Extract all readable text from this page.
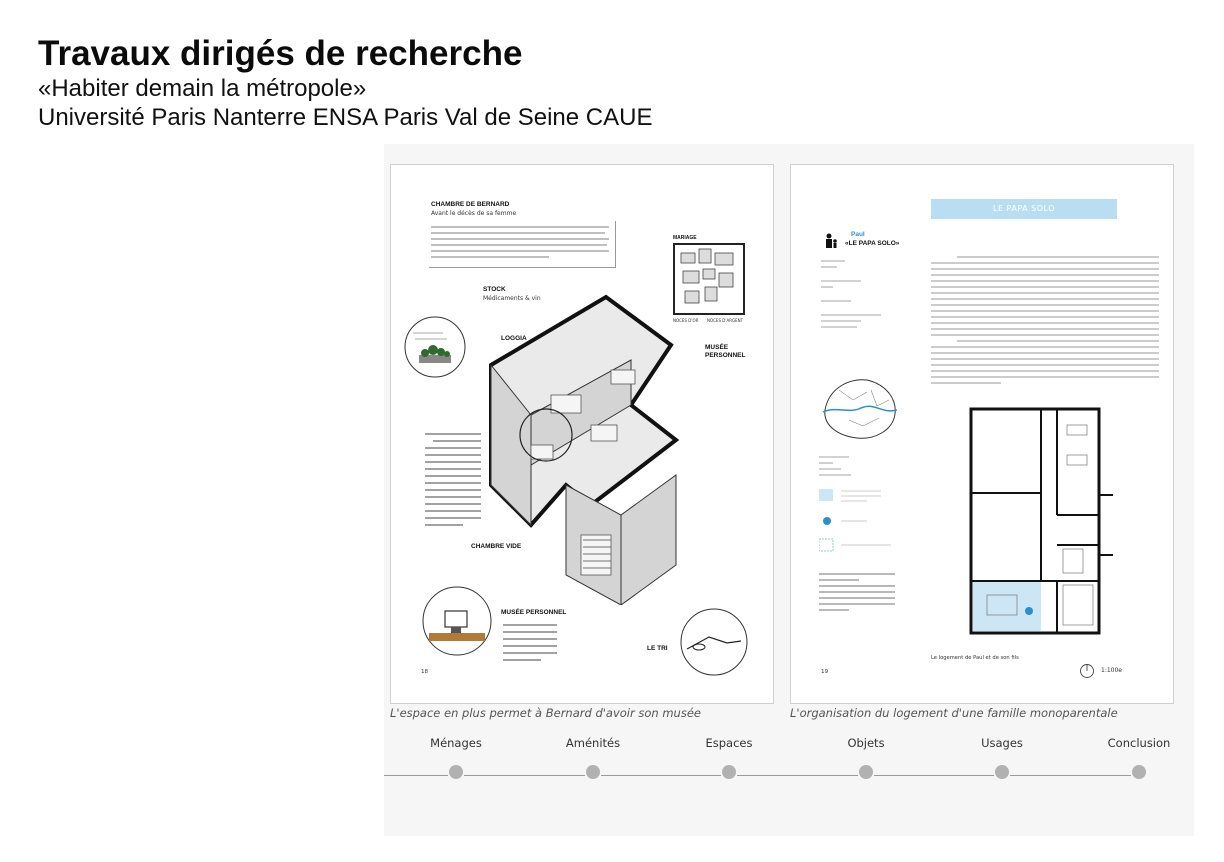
Travaux dirigés de recherche

«Habiter demain la métropole»

Université Paris Nanterre ENSA Paris Val de Seine CAUE

CHAMBRE DE BERNARD
Avant le décès de sa femme
STOCK
Médicaments & vin
LOGGIA
MARIAGE
NOCES D'OR NOCES D'ARGENT
MUSÉE
PERSONNEL
CHAMBRE VIDE
MUSÉE PERSONNEL
LE TRI
18
LE PAPA SOLO
Paul
«LE PAPA SOLO»
Le logement de Paul et de son fils
1:100e
19
L'espace en plus permet à Bernard d'avoir son musée	L'organisation du logement d'une famille monoparentale
Ménages	Aménités	Espaces	Objets	Usages	Conclusion
